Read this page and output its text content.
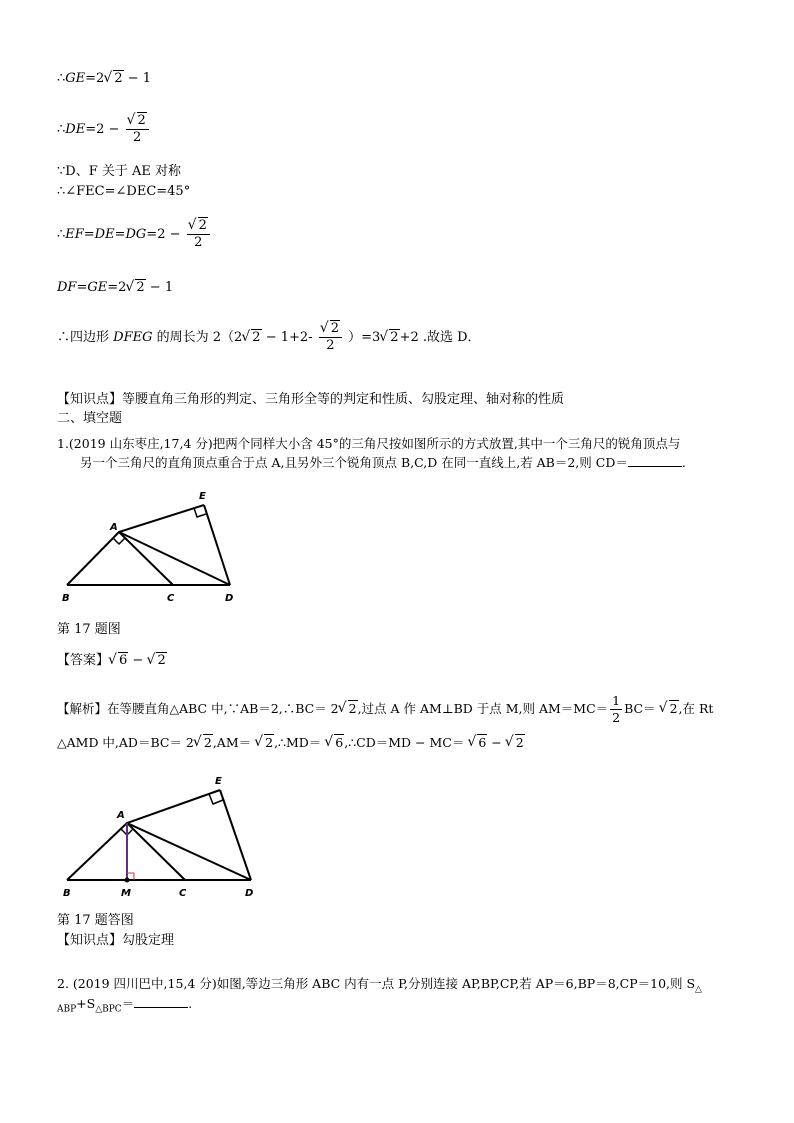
∴GE=2√ 2 − 1
∴DE=2 −
√ $\frac{2}{2}$
∵D、F 关于 AE 对称
∴∠FEC=∠DEC=45°
∴EF=DE=DG=2 −
√ $\frac{2}{2}$
DF=GE=2√ 2 − 1
∴四边形 DFEG 的周长为 2（2√ 2 − 1+2-
√ $\frac{2}{2} )=3√$ 2+2 .故选 D．
【知识点】等腰直角三角形的判定、三角形全等的判定和性质、勾股定理、轴对称的性质
二、填空题
1.(2019 山东枣庄,17,4 分)把两个同样大小含 45°的三角尺按如图所示的方式放置,其中一个三角尺的锐角顶点与
另一个三角尺的直角顶点重合于点 A,且另外三个锐角顶点 B,C,D 在同一直线上,若 AB＝2,则 CD＝	.
A
E
B	C	D
第 17 题图
【答案】√ 6 − √ 2
【解析】在等腰直角△ABC 中,∵AB＝2,∴BC＝ 2√ 2,过点 A 作 AM⊥BD 于点 M,则 $AM=MC= \frac{1}{2} BC=$ √ 2,在 Rt
△AMD 中,AD＝BC＝ 2√ 2,AM＝ √ 2,∴MD＝ √ 6,∴CD＝MD − MC＝ √ 6 − √ 2
A
E
B	M	C	D
第 17 题答图
【知识点】勾股定理
2. (2019 四川巴中,15,4 分)如图,等边三角形 ABC 内有一点 P,分别连接 AP,BP,CP,若 AP＝6,BP＝8,CP＝10,则 $S_\triangle$
$_{ABP}+S_{\triangle BPC}=$	.
